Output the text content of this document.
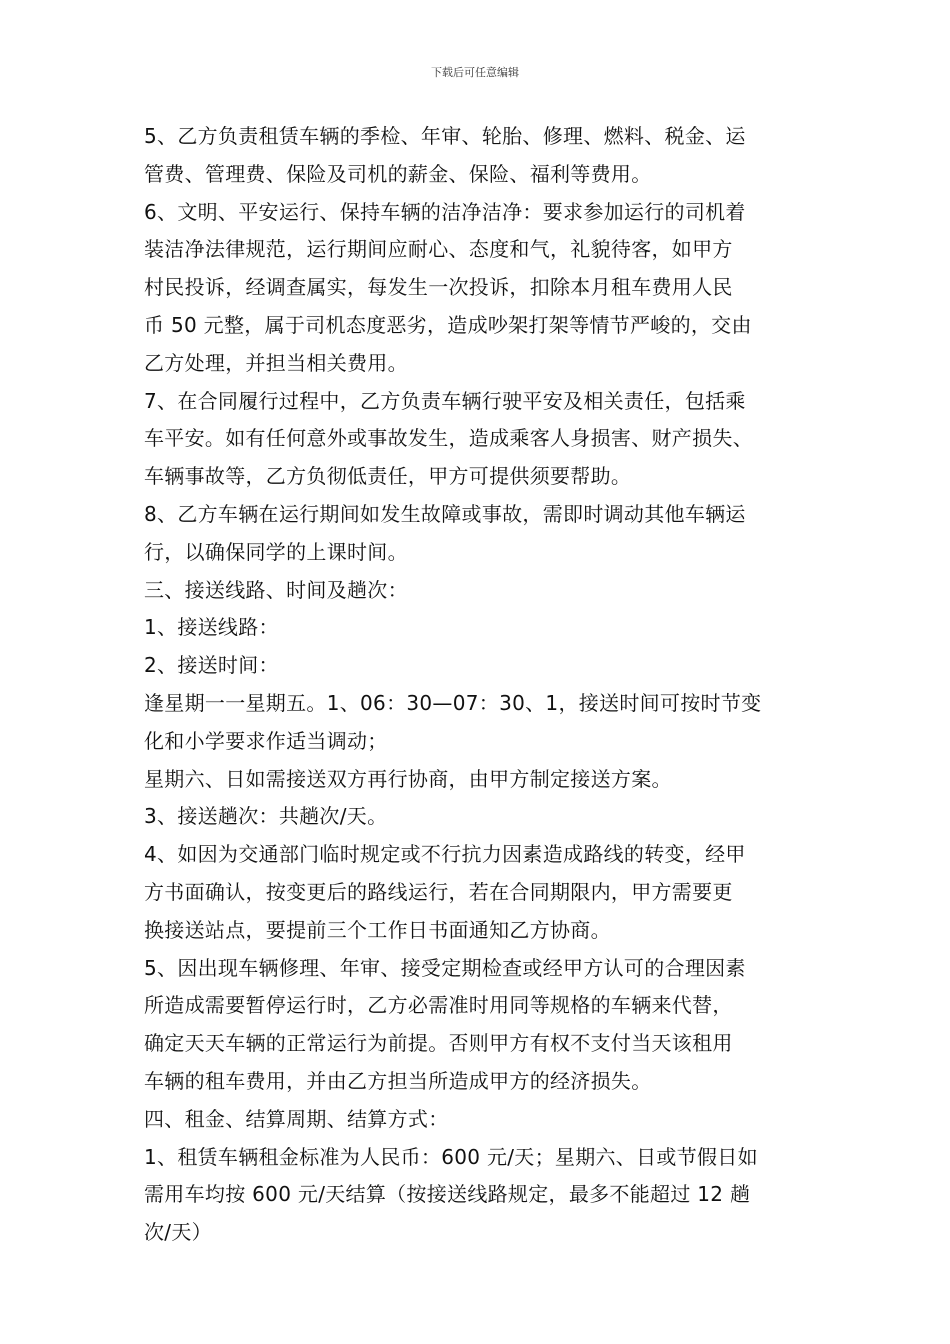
下载后可任意编辑
5、乙方负责租赁车辆的季检、年审、轮胎、修理、燃料、税金、运
管费、管理费、保险及司机的薪金、保险、福利等费用。
6、文明、平安运行、保持车辆的洁净洁净：要求参加运行的司机着
装洁净法律规范，运行期间应耐心、态度和气，礼貌待客，如甲方
村民投诉，经调查属实，每发生一次投诉，扣除本月租车费用人民
币 50 元整，属于司机态度恶劣，造成吵架打架等情节严峻的，交由
乙方处理，并担当相关费用。
7、在合同履行过程中，乙方负责车辆行驶平安及相关责任，包括乘
车平安。如有任何意外或事故发生，造成乘客人身损害、财产损失、
车辆事故等，乙方负彻低责任，甲方可提供须要帮助。
8、乙方车辆在运行期间如发生故障或事故，需即时调动其他车辆运
行，以确保同学的上课时间。
三、接送线路、时间及趟次：
1、接送线路：
2、接送时间：
逢星期一一星期五。1、06：30—07：30、1，接送时间可按时节变
化和小学要求作适当调动；
星期六、日如需接送双方再行协商，由甲方制定接送方案。
3、接送趟次：共趟次/天。
4、如因为交通部门临时规定或不行抗力因素造成路线的转变，经甲
方书面确认，按变更后的路线运行，若在合同期限内，甲方需要更
换接送站点，要提前三个工作日书面通知乙方协商。
5、因出现车辆修理、年审、接受定期检查或经甲方认可的合理因素
所造成需要暂停运行时，乙方必需准时用同等规格的车辆来代替，
确定天天车辆的正常运行为前提。否则甲方有权不支付当天该租用
车辆的租车费用，并由乙方担当所造成甲方的经济损失。
四、租金、结算周期、结算方式：
1、租赁车辆租金标准为人民币：600 元/天；星期六、日或节假日如
需用车均按 600 元/天结算（按接送线路规定，最多不能超过 12 趟
次/天）
